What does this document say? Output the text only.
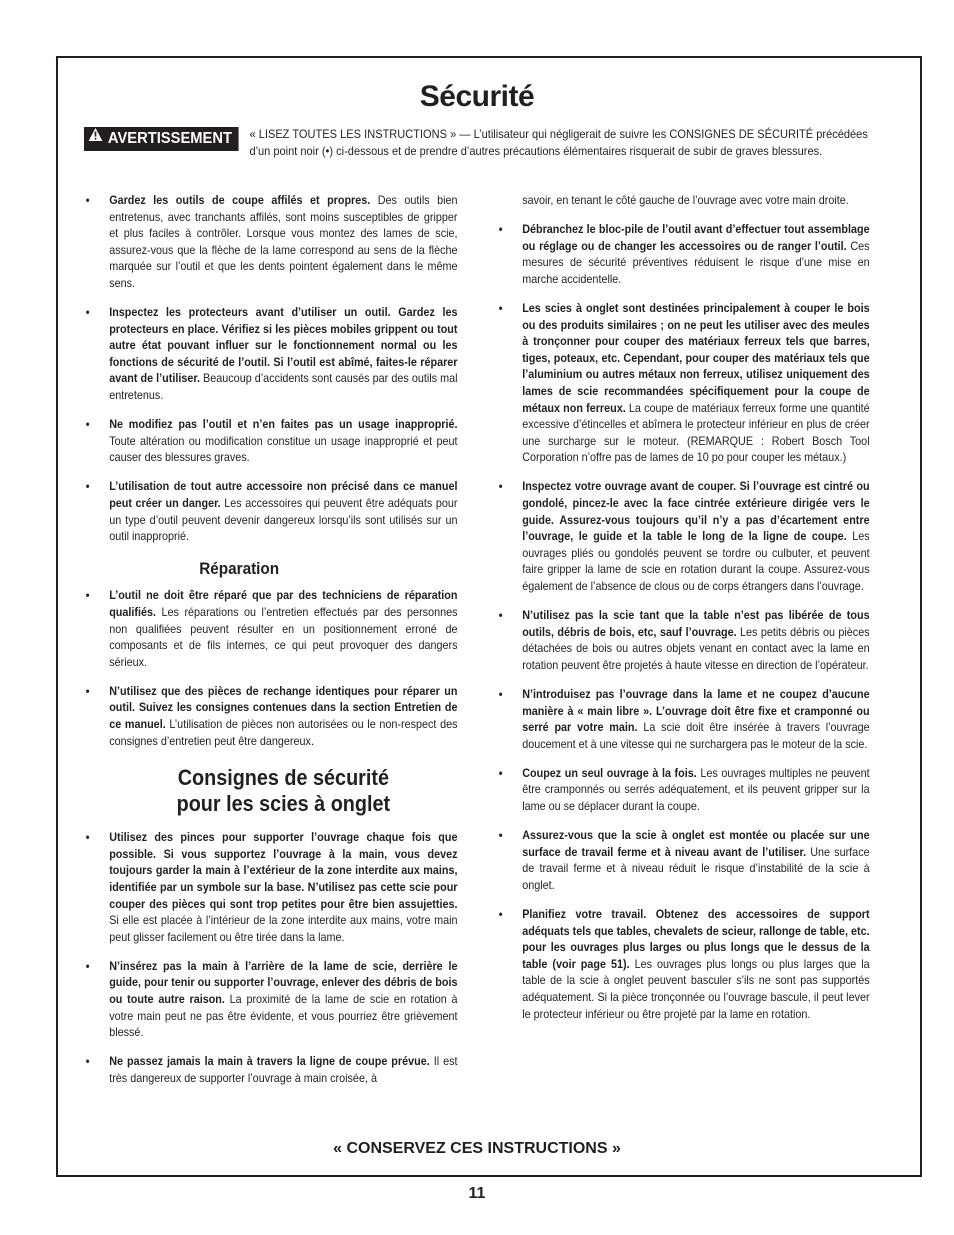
Sécurité
AVERTISSEMENT	« LISEZ TOUTES LES INSTRUCTIONS » — L’utilisateur qui négligerait de suivre les CONSIGNES DE SÉCURITÉ précédées d’un point noir (•) ci-dessous et de prendre d’autres précautions élémentaires risquerait de subir de graves blessures.
• Gardez les outils de coupe affilés et propres. Des outils bien entretenus, avec tranchants affilés, sont moins susceptibles de gripper et plus faciles à contrôler. Lorsque vous montez des lames de scie, assurez-vous que la flèche de la lame correspond au sens de la flèche marquée sur l’outil et que les dents pointent également dans le même sens.
• Inspectez les protecteurs avant d’utiliser un outil. Gardez les protecteurs en place. Vérifiez si les pièces mobiles grippent ou tout autre état pouvant influer sur le fonctionnement normal ou les fonctions de sécurité de l’outil. Si l’outil est abîmé, faites-le réparer avant de l’utiliser. Beaucoup d’accidents sont causés par des outils mal entretenus.
• Ne modifiez pas l’outil et n’en faites pas un usage inapproprié. Toute altération ou modification constitue un usage inapproprié et peut causer des blessures graves.
• L’utilisation de tout autre accessoire non précisé dans ce manuel peut créer un danger. Les accessoires qui peuvent être adéquats pour un type d’outil peuvent devenir dangereux lorsqu’ils sont utilisés sur un outil inapproprié.
Réparation
• L’outil ne doit être réparé que par des techniciens de réparation qualifiés. Les réparations ou l’entretien effectués par des personnes non qualifiées peuvent résulter en un positionnement erroné de composants et de fils internes, ce qui peut provoquer des dangers sérieux.
• N’utilisez que des pièces de rechange identiques pour réparer un outil. Suivez les consignes contenues dans la section Entretien de ce manuel. L’utilisation de pièces non autorisées ou le non-respect des consignes d’entretien peut être dangereux.
Consignes de sécurité
pour les scies à onglet
• Utilisez des pinces pour supporter l’ouvrage chaque fois que possible. Si vous supportez l’ouvrage à la main, vous devez toujours garder la main à l’extérieur de la zone interdite aux mains, identifiée par un symbole sur la base. N’utilisez pas cette scie pour couper des pièces qui sont trop petites pour être bien assujetties. Si elle est placée à l’intérieur de la zone interdite aux mains, votre main peut glisser facilement ou être tirée dans la lame.
• N’insérez pas la main à l’arrière de la lame de scie, derrière le guide, pour tenir ou supporter l’ouvrage, enlever des débris de bois ou toute autre raison. La proximité de la lame de scie en rotation à votre main peut ne pas être évidente, et vous pourriez être grièvement blessé.
• Ne passez jamais la main à travers la ligne de coupe prévue. Il est très dangereux de supporter l’ouvrage à main croisée, à
savoir, en tenant le côté gauche de l’ouvrage avec votre main droite.
• Débranchez le bloc-pile de l’outil avant d’effectuer tout assemblage ou réglage ou de changer les accessoires ou de ranger l’outil. Ces mesures de sécurité préventives réduisent le risque d’une mise en marche accidentelle.
• Les scies à onglet sont destinées principalement à couper le bois ou des produits similaires ; on ne peut les utiliser avec des meules à tronçonner pour couper des matériaux ferreux tels que barres, tiges, poteaux, etc. Cependant, pour couper des matériaux tels que l’aluminium ou autres métaux non ferreux, utilisez uniquement des lames de scie recommandées spécifiquement pour la coupe de métaux non ferreux. La coupe de matériaux ferreux forme une quantité excessive d’étincelles et abîmera le protecteur inférieur en plus de créer une surcharge sur le moteur. (REMARQUE : Robert Bosch Tool Corporation n’offre pas de lames de 10 po pour couper les métaux.)
• Inspectez votre ouvrage avant de couper. Si l’ouvrage est cintré ou gondolé, pincez-le avec la face cintrée extérieure dirigée vers le guide. Assurez-vous toujours qu’il n’y a pas d’écartement entre l’ouvrage, le guide et la table le long de la ligne de coupe. Les ouvrages pliés ou gondolés peuvent se tordre ou culbuter, et peuvent faire gripper la lame de scie en rotation durant la coupe. Assurez-vous également de l’absence de clous ou de corps étrangers dans l’ouvrage.
• N’utilisez pas la scie tant que la table n’est pas libérée de tous outils, débris de bois, etc, sauf l’ouvrage. Les petits débris ou pièces détachées de bois ou autres objets venant en contact avec la lame en rotation peuvent être projetés à haute vitesse en direction de l’opérateur.
• N’introduisez pas l’ouvrage dans la lame et ne coupez d’aucune manière à « main libre ». L’ouvrage doit être fixe et cramponné ou serré par votre main. La scie doit être insérée à travers l’ouvrage doucement et à une vitesse qui ne surchargera pas le moteur de la scie.
• Coupez un seul ouvrage à la fois. Les ouvrages multiples ne peuvent être cramponnés ou serrés adéquatement, et ils peuvent gripper sur la lame ou se déplacer durant la coupe.
• Assurez-vous que la scie à onglet est montée ou placée sur une surface de travail ferme et à niveau avant de l’utiliser. Une surface de travail ferme et à niveau réduit le risque d’instabilité de la scie à onglet.
• Planifiez votre travail. Obtenez des accessoires de support adéquats tels que tables, chevalets de scieur, rallonge de table, etc. pour les ouvrages plus larges ou plus longs que le dessus de la table (voir page 51). Les ouvrages plus longs ou plus larges que la table de la scie à onglet peuvent basculer s’ils ne sont pas supportés adéquatement. Si la pièce tronçonnée ou l’ouvrage bascule, il peut lever le protecteur inférieur ou être projeté par la lame en rotation.
« CONSERVEZ CES INSTRUCTIONS »
11
